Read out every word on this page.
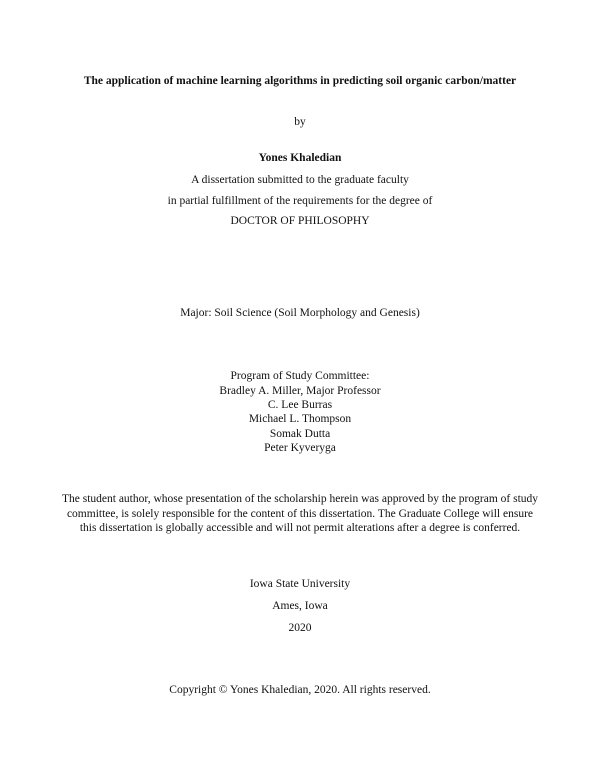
The application of machine learning algorithms in predicting soil organic carbon/matter
by
Yones Khaledian
A dissertation submitted to the graduate faculty
in partial fulfillment of the requirements for the degree of
DOCTOR OF PHILOSOPHY
Major: Soil Science (Soil Morphology and Genesis)
Program of Study Committee:
Bradley A. Miller, Major Professor
C. Lee Burras
Michael L. Thompson
Somak Dutta
Peter Kyveryga
The student author, whose presentation of the scholarship herein was approved by the program of study committee, is solely responsible for the content of this dissertation. The Graduate College will ensure this dissertation is globally accessible and will not permit alterations after a degree is conferred.
Iowa State University
Ames, Iowa
2020
Copyright © Yones Khaledian, 2020. All rights reserved.
